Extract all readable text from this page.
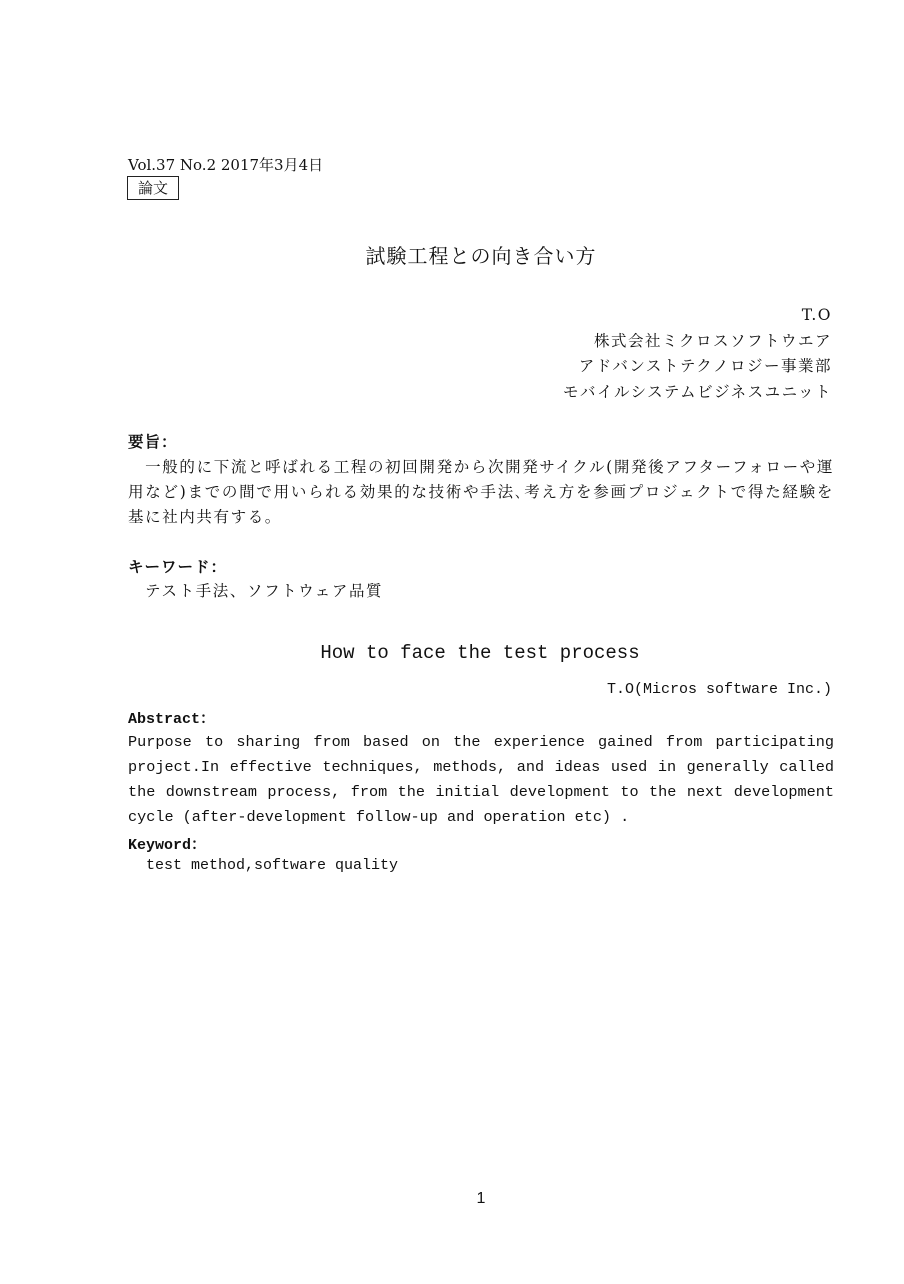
Vol.37 No.2 2017年3月4日
論文
試験工程との向き合い方
T.O
株式会社ミクロスソフトウエア
アドバンストテクノロジー事業部
モバイルシステムビジネスユニット
要旨：
　一般的に下流と呼ばれる工程の初回開発から次開発サイクル(開発後アフターフォローや運用など)までの間で用いられる効果的な技術や手法､考え方を参画プロジェクトで得た経験を基に社内共有する。
キーワード：
テスト手法、ソフトウェア品質
How to face the test process
T.O(Micros software Inc.)
Abstract：
Purpose to sharing from based on the experience gained from participating project.In effective techniques, methods, and ideas used in generally called the downstream process, from the initial development to the next development cycle (after-development follow-up and operation etc) .
Keyword：
test method,software quality
1
